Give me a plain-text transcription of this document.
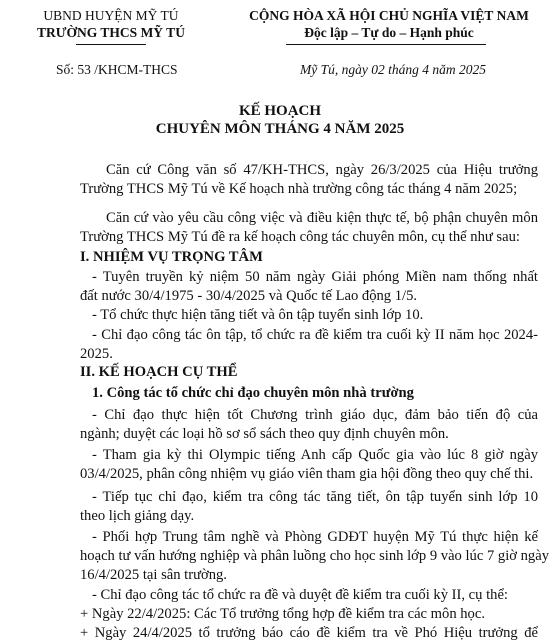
UBND HUYỆN MỸ TÚ
TRƯỜNG THCS MỸ TÚ
CỘNG HÒA XÃ HỘI CHỦ NGHĨA VIỆT NAM
Độc lập – Tự do – Hạnh phúc
Số: 53 /KHCM-THCS	Mỹ Tú, ngày 02 tháng 4 năm 2025
KẾ HOẠCH
CHUYÊN MÔN THÁNG 4 NĂM 2025
Căn cứ Công văn số 47/KH-THCS, ngày 26/3/2025 của Hiệu trưởng
Trường THCS Mỹ Tú về Kế hoạch nhà trường công tác tháng 4 năm 2025;
Căn cứ vào yêu cầu công việc và điều kiện thực tế, bộ phận chuyên môn
Trường THCS Mỹ Tú đề ra kế hoạch công tác chuyên môn, cụ thể như sau:
I. NHIỆM VỤ TRỌNG TÂM
- Tuyên truyền kỷ niệm 50 năm ngày Giải phóng Miền nam thống nhất
đất nước 30/4/1975 - 30/4/2025 và Quốc tế Lao động 1/5.
- Tổ chức thực hiện tăng tiết và ôn tập tuyển sinh lớp 10.
- Chỉ đạo công tác ôn tập, tổ chức ra đề kiểm tra cuối kỳ II năm học 2024-
2025.
II. KẾ HOẠCH CỤ THỂ
1. Công tác tổ chức chỉ đạo chuyên môn nhà trường
- Chỉ đạo thực hiện tốt Chương trình giáo dục, đảm bảo tiến độ của
ngành; duyệt các loại hồ sơ sổ sách theo quy định chuyên môn.
- Tham gia kỳ thi Olympic tiếng Anh cấp Quốc gia vào lúc 8 giờ ngày
03/4/2025, phân công nhiệm vụ giáo viên tham gia hội đồng theo quy chế thi.
- Tiếp tục chỉ đạo, kiểm tra công tác tăng tiết, ôn tập tuyển sinh lớp 10
theo lịch giảng dạy.
- Phối hợp Trung tâm nghề và Phòng GDĐT huyện Mỹ Tú thực hiện kế
hoạch tư vấn hướng nghiệp và phân luồng cho học sinh lớp 9 vào lúc 7 giờ ngày
16/4/2025 tại sân trường.
- Chỉ đạo công tác tổ chức ra đề và duyệt đề kiểm tra cuối kỳ II, cụ thể:
+ Ngày 22/4/2025: Các Tổ trưởng tổng hợp đề kiểm tra các môn học.
+ Ngày 24/4/2025 tổ trưởng báo cáo đề kiểm tra về Phó Hiệu trưởng để
